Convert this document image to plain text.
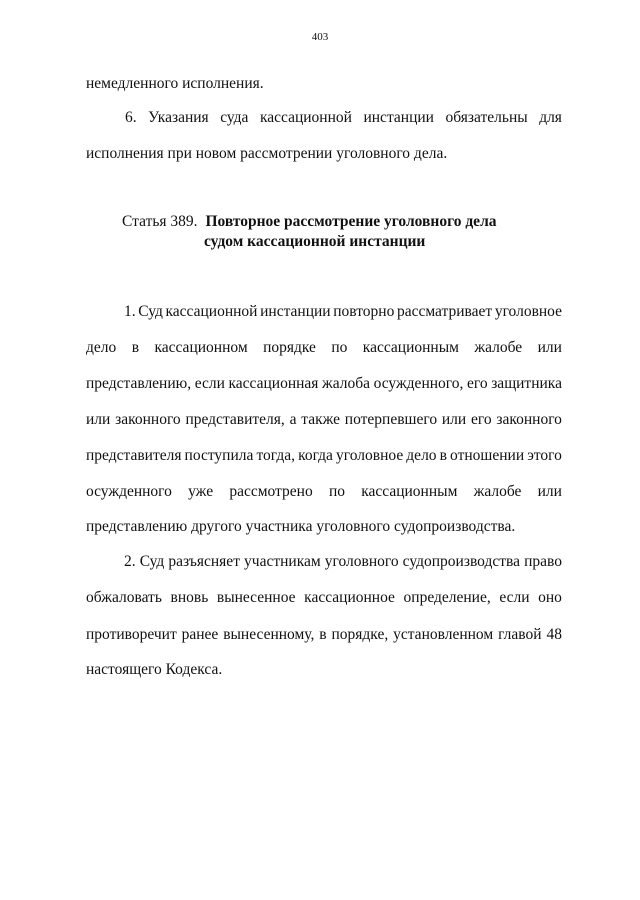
403
немедленного исполнения.
6. Указания суда кассационной инстанции обязательны для
исполнения при новом рассмотрении уголовного дела.
Статья 389. Повторное рассмотрение уголовного дела
судом кассационной инстанции
1. Суд кассационной инстанции повторно рассматривает уголовное
дело в кассационном порядке по кассационным жалобе или
представлению, если кассационная жалоба осужденного, его защитника
или законного представителя, а также потерпевшего или его законного
представителя поступила тогда, когда уголовное дело в отношении этого
осужденного уже рассмотрено по кассационным жалобе или
представлению другого участника уголовного судопроизводства.
2. Суд разъясняет участникам уголовного судопроизводства право
обжаловать вновь вынесенное кассационное определение, если оно
противоречит ранее вынесенному, в порядке, установленном главой 48
настоящего Кодекса.
